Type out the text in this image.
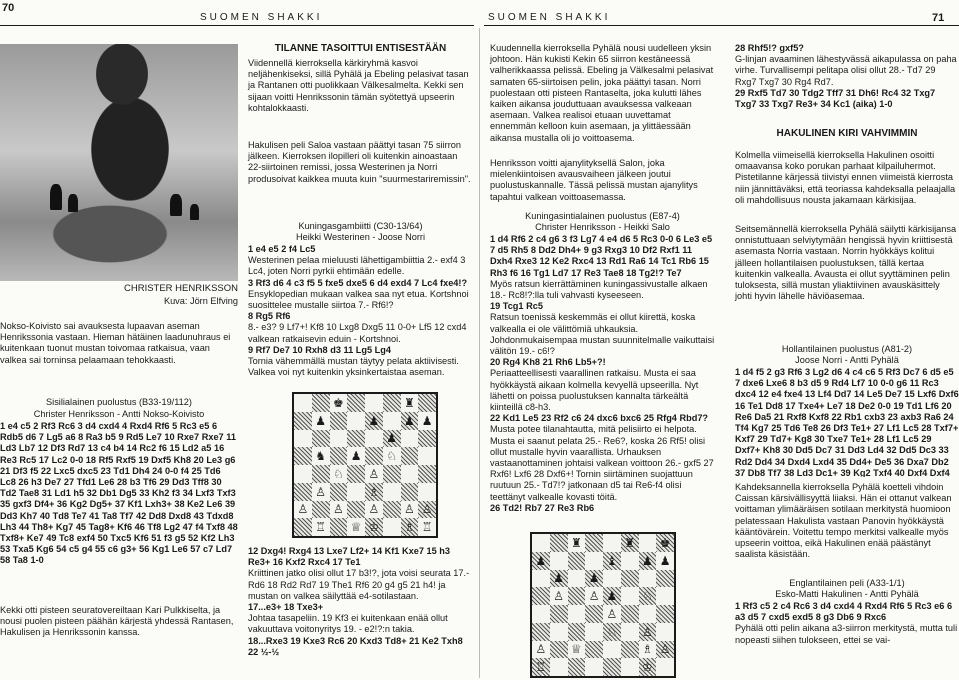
70
SUOMEN SHAKKI	SUOMEN SHAKKI	71
CHRISTER HENRIKSSON
Kuva: Jörn Elfving
Nokso-Koivisto sai avauksesta lupaavan aseman Henrikssonia vastaan. Hieman hätäinen laadunuhraus ei kuitenkaan tuonut mustan toivomaa ratkaisua, vaan valkea sai torninsa pelaamaan tehokkaasti.
Sisilialainen puolustus (B33-19/112)
Christer Henriksson - Antti Nokso-Koivisto
1 e4 c5 2 Rf3 Rc6 3 d4 cxd4 4 Rxd4 Rf6 5 Rc3 e5 6 Rdb5 d6 7 Lg5 a6 8 Ra3 b5 9 Rd5 Le7 10 Rxe7 Rxe7 11 Ld3 Lb7 12 Df3 Rd7 13 c4 b4 14 Rc2 f6 15 Ld2 a5 16 Re3 Rc5 17 Lc2 0-0 18 Rf5 Rxf5 19 Dxf5 Kh8 20 Le3 g6 21 Df3 f5 22 Lxc5 dxc5 23 Td1 Dh4 24 0-0 f4 25 Td6 Lc8 26 h3 De7 27 Tfd1 Le6 28 b3 Tf6 29 Dd3 Tff8 30 Td2 Tae8 31 Ld1 h5 32 Db1 Dg5 33 Kh2 f3 34 Lxf3 Txf3 35 gxf3 Df4+ 36 Kg2 Dg5+ 37 Kf1 Lxh3+ 38 Ke2 Le6 39 Dd3 Kh7 40 Td8 Te7 41 Ta8 Tf7 42 Dd8 Dxd8 43 Tdxd8 Lh3 44 Th8+ Kg7 45 Tag8+ Kf6 46 Tf8 Lg2 47 f4 Txf8 48 Txf8+ Ke7 49 Tc8 exf4 50 Txc5 Kf6 51 f3 g5 52 Kf2 Lh3 53 Txa5 Kg6 54 c5 g4 55 c6 g3+ 56 Kg1 Le6 57 c7 Ld7 58 Ta8 1-0
Kekki otti pisteen seuratovereiltaan Kari Pulkkiselta, ja nousi puolen pisteen päähän kärjestä yhdessä Rantasen, Hakulisen ja Henrikssonin kanssa.
TILANNE TASOITTUI ENTISESTÄÄN
Viidennellä kierroksella kärkiryhmä kasvoi neljähenkiseksi, sillä Pyhälä ja Ebeling pelasivat tasan ja Rantanen otti puolikkaan Välkesalmelta. Kekki sen sijaan voitti Henrikssonin tämän syötettyä upseerin kohtalokkaasti.
Hakulisen peli Saloa vastaan päättyi tasan 75 siirron jälkeen. Kierroksen ilopilleri oli kuitenkin ainoastaan 22-siirtoinen remissi, jossa Westerinen ja Norri produsoivat kaikkea muuta kuin "suurmestariremissin".
Kuningasgambiitti (C30-13/64)
Heikki Westerinen - Joose Norri

1 e4 e5 2 f4 Lc5

Westerinen pelaa mieluusti lähettigambiittia 2.- exf4 3 Lc4, joten Norri pyrkii ehtimään edelle.

3 Rf3 d6 4 c3 f5 5 fxe5 dxe5 6 d4 exd4 7 Lc4 fxe4!?

Ensyklopedian mukaan valkea saa nyt etua. Kortshnoi suosittelee mustalle siirtoa 7.- Rf6!?

8 Rg5 Rf6

8.- e3? 9 Lf7+! Kf8 10 Lxg8 Dxg5 11 0-0+ Lf5 12 cxd4 valkean ratkaisevin eduin - Kortshnoi.

9 Rf7 De7 10 Rxh8 d3 11 Lg5 Lg4

Tornia vähemmällä mustan täytyy pelata aktiivisesti. Valkea voi nyt kuitenkin yksinkertaistaa aseman.

♚	♜
♟	♟ ♟ ♟
♟
♞ ♟ ♘
♘ ♙
♙	♗
♙ ♙ ♙ ♙ ♙
♖ ♕ ♔ ♗ ♖

12 Dxg4! Rxg4 13 Lxe7 Lf2+ 14 Kf1 Kxe7 15 h3 Re3+ 16 Kxf2 Rxc4 17 Te1

Kriittinen jatko olisi ollut 17 b3!?, jota voisi seurata 17.- Rd6 18 Rd2 Rd7 19 The1 Rf6 20 g4 g5 21 h4! ja mustan on valkea säilyttää e4-sotilastaan.

17...e3+ 18 Txe3+

Johtaa tasapeliin. 19 Kf3 ei kuitenkaan enää ollut vakuuttava voitonyritys 19. - e2!?:n takia.

18...Rxe3 19 Kxe3 Rc6 20 Kxd3 Td8+ 21 Ke2 Txh8 22 ½-½

Kuudennella kierroksella Pyhälä nousi uudelleen yksin johtoon. Hän kukisti Kekin 65 siirron kestäneessä valherikkaassa pelissä. Ebeling ja Välkesalmi pelasivat samaten 65-siirtoisen pelin, joka päättyi tasan. Norri puolestaan otti pisteen Rantaselta, joka kulutti lähes kaiken aikansa jouduttuaan avauksessa valkeaan asemaan. Valkea realisoi etuaan uuvettamat ennemmän kelloon kuin asemaan, ja ylittäessään aikansa mustalla oli jo voittoasema.
Henriksson voitti ajanylityksellä Salon, joka mielenkiintoisen avausvaiheen jälkeen joutui puolustuskannalle. Tässä pelissä mustan ajanylitys tapahtui valkean voittoasemassa.
Kuningasintialainen puolustus (E87-4)
Christer Henriksson - Heikki Salo

1 d4 Rf6 2 c4 g6 3 f3 Lg7 4 e4 d6 5 Rc3 0-0 6 Le3 e5 7 d5 Rh5 8 Dd2 Dh4+ 9 g3 Rxg3 10 Df2 Rxf1 11 Dxh4 Rxe3 12 Ke2 Rxc4 13 Rd1 Ra6 14 Tc1 Rb6 15 Rh3 f6 16 Tg1 Ld7 17 Re3 Tae8 18 Tg2!? Te7

Myös ratsun kierrättäminen kuningassivustalle alkaen 18.- Rc8!?:lla tuli vahvasti kyseeseen.

19 Tcg1 Rc5

Ratsun toenissä keskemmäs ei ollut kiirettä, koska valkealla ei ole välittömiä uhkauksia. Johdonmukaisempaa mustan suunnitelmalle vaikuttaisi välitön 19.- c6!?

20 Rg4 Kh8 21 Rh6 Lb5+?!

Periaatteellisesti vaarallinen ratkaisu. Musta ei saa hyökkäystä aikaan kolmella kevyellä upseerilla. Nyt lähetti on poissa puolustuksen kannalta tärkeältä kiinteillä c8-h3.

22 Kd1 Le5 23 Rf2 c6 24 dxc6 bxc6 25 Rfg4 Rbd7?

Musta potee tilanahtautta, mitä pelisiirto ei helpota. Musta ei saanut pelata 25.- Re6?, koska 26 Rf5! olisi ollut mustalle hyvin vaarallista. Urhauksen vastaanottaminen johtaisi valkean voittoon 26.- gxf5 27 Rxf6! Lxf6 28 Dxf6+! Tornin siirtäminen suojattuun ruutuun 25.- Td7!? jatkonaan d5 tai Re6-f4 olisi teettänyt valkealle kovasti töitä.

26 Td2! Rb7 27 Re3 Rb6

♜	♜ ♚
♟	♝ ♟ ♟
♟ ♟
♙ ♙ ♟ ♘
♙
♘ ♙
♙ ♕	♗ ♙
♖	♔

28 Rhf5!? gxf5?

G-linjan avaaminen lähestyvässä aikapulassa on paha virhe. Turvallisempi pelitapa olisi ollut 28.- Td7 29 Rxg7 Txg7 30 Rg4 Rd7.

29 Rxf5 Td7 30 Tdg2 Tff7 31 Dh6! Rc4 32 Txg7 Txg7 33 Txg7 Re3+ 34 Kc1 (aika) 1-0

HAKULINEN KIRI VAHVIMMIN
Kolmella viimeisellä kierroksella Hakulinen osoitti omaavansa koko porukan parhaat kilpailuhermot. Pistetilanne kärjessä tiivistyi ennen viimeistä kierrosta niin jännittäväksi, että teoriassa kahdeksalla pelaajalla oli mahdollisuus nousta jakamaan kärkisijaa.
Seitsemännellä kierroksella Pyhälä säilytti kärkisijansa onnistuttuaan selviytymään hengissä hyvin kriittisestä asemasta Norria vastaan. Norrin hyökkäys kolitui jälleen hollantilaisen puolustuksen, tällä kertaa kuitenkin valkealla. Avausta ei ollut syyttäminen pelin tuloksesta, sillä mustan yliaktiivinen avauskäsittely johti hyvin lähelle häviöasemaa.
Hollantilainen puolustus (A81-2)
Joose Norri - Antti Pyhälä
1 d4 f5 2 g3 Rf6 3 Lg2 d6 4 c4 c6 5 Rf3 Dc7 6 d5 e5 7 dxe6 Lxe6 8 b3 d5 9 Rd4 Lf7 10 0-0 g6 11 Rc3 dxc4 12 e4 fxe4 13 Lf4 Dd7 14 Le5 De7 15 Lxf6 Dxf6 16 Te1 Dd8 17 Txe4+ Le7 18 De2 0-0 19 Td1 Lf6 20 Re6 Da5 21 Rxf8 Kxf8 22 Rb1 cxb3 23 axb3 Ra6 24 Tf4 Kg7 25 Td6 Te8 26 Df3 Te1+ 27 Lf1 Lc5 28 Txf7+ Kxf7 29 Td7+ Kg8 30 Txe7 Te1+ 28 Lf1 Lc5 29 Dxf7+ Kh8 30 Dd5 Dc7 31 Dd3 Ld4 32 Dd5 Dc3 33 Rd2 Dd4 34 Dxd4 Lxd4 35 Dd4+ De5 36 Dxa7 Db2 37 Db8 Tf7 38 Ld3 Dc1+ 39 Kg2 Txf4 40 Dxf4 Dxf4
Kahdeksannella kierroksella Pyhälä koetteli vihdoin Caissan kärsivällisyyttä liiaksi. Hän ei ottanut valkean voittaman ylimääräisen sotilaan merkitystä huomioon pelatessaan Hakulista vastaan Panovin hyökkäystä kääntövärein. Voitettu tempo merkitsi valkealle myös upseerin voittoa, eikä Hakulinen enää päästänyt saalista käsistään.
Englantilainen peli (A33-1/1)
Esko-Matti Hakulinen - Antti Pyhälä

1 Rf3 c5 2 c4 Rc6 3 d4 cxd4 4 Rxd4 Rf6 5 Rc3 e6 6 a3 d5 7 cxd5 exd5 8 g3 Db6 9 Rxc6

Pyhälä otti pelin aikana a3-siirron merkitystä, mutta tuli nopeasti siihen tulokseen, ettei se vai-
